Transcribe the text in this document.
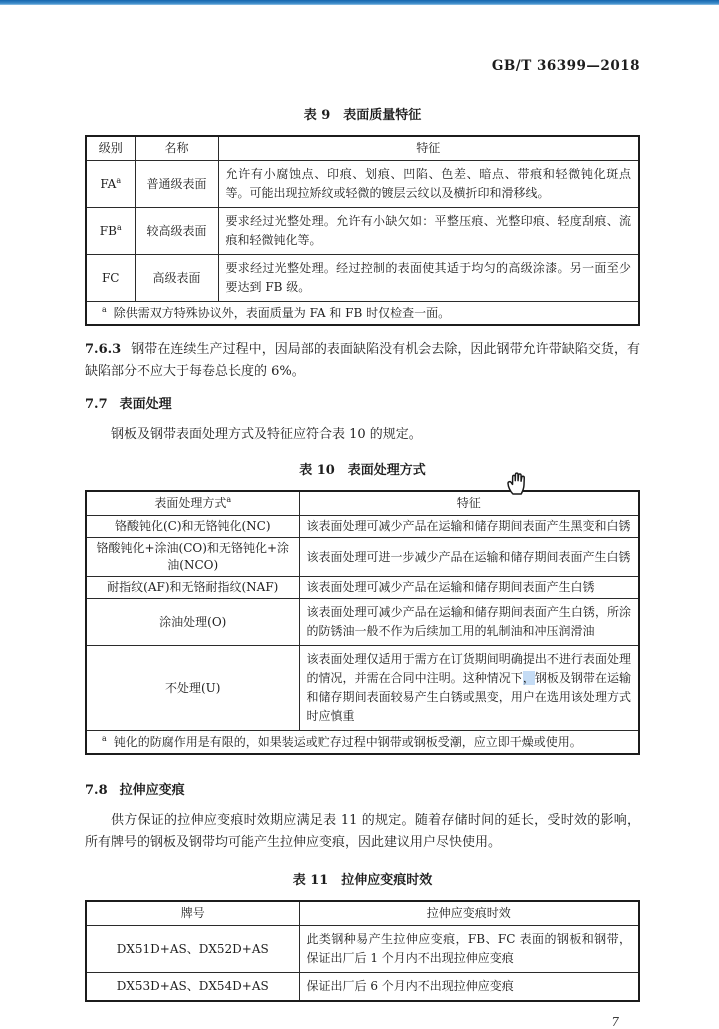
GB/T 36399—2018
表 9　表面质量特征
级别	名称	特征
FA$^a$	普通级表面	允许有小腐蚀点、印痕、划痕、凹陷、色差、暗点、带痕和轻微钝化斑点等。可能出现拉矫纹或轻微的镀层云纹以及横折印和滑移线。
FB$^a$	较高级表面	要求经过光整处理。允许有小缺欠如：平整压痕、光整印痕、轻度刮痕、流痕和轻微钝化等。
FC	高级表面	要求经过光整处理。经过控制的表面使其适于均匀的高级涂漆。另一面至少要达到 FB 级。
$^a$ 除供需双方特殊协议外，表面质量为 FA 和 FB 时仅检查一面。		

7.6.3 钢带在连续生产过程中，因局部的表面缺陷没有机会去除，因此钢带允许带缺陷交货，有缺陷部分不应大于每卷总长度的 6%。

7.7 表面处理

钢板及钢带表面处理方式及特征应符合表 10 的规定。

表 10　表面处理方式
表面处理方式$^a$	特征
铬酸钝化(C)和无铬钝化(NC)	该表面处理可减少产品在运输和储存期间表面产生黑变和白锈
铬酸钝化+涂油(CO)和无铬钝化+涂油(NCO)	该表面处理可进一步减少产品在运输和储存期间表面产生白锈
耐指纹(AF)和无铬耐指纹(NAF)	该表面处理可减少产品在运输和储存期间表面产生白锈
涂油处理(O)	该表面处理可减少产品在运输和储存期间表面产生白锈，所涂的防锈油一般不作为后续加工用的轧制油和冲压润滑油
不处理(U)	该表面处理仅适用于需方在订货期间明确提出不进行表面处理的情况，并需在合同中注明。这种情况下，钢板及钢带在运输和储存期间表面较易产生白锈或黑变，用户在选用该处理方式时应慎重
$^a$ 钝化的防腐作用是有限的，如果装运或贮存过程中钢带或钢板受潮，应立即干燥或使用。	

7.8 拉伸应变痕

供方保证的拉伸应变痕时效期应满足表 11 的规定。随着存储时间的延长，受时效的影响，所有牌号的钢板及钢带均可能产生拉伸应变痕，因此建议用户尽快使用。

表 11　拉伸应变痕时效
牌号	拉伸应变痕时效
DX51D+AS、DX52D+AS	此类钢种易产生拉伸应变痕，FB、FC 表面的钢板和钢带，保证出厂后 1 个月内不出现拉伸应变痕
DX53D+AS、DX54D+AS	保证出厂后 6 个月内不出现拉伸应变痕
7
